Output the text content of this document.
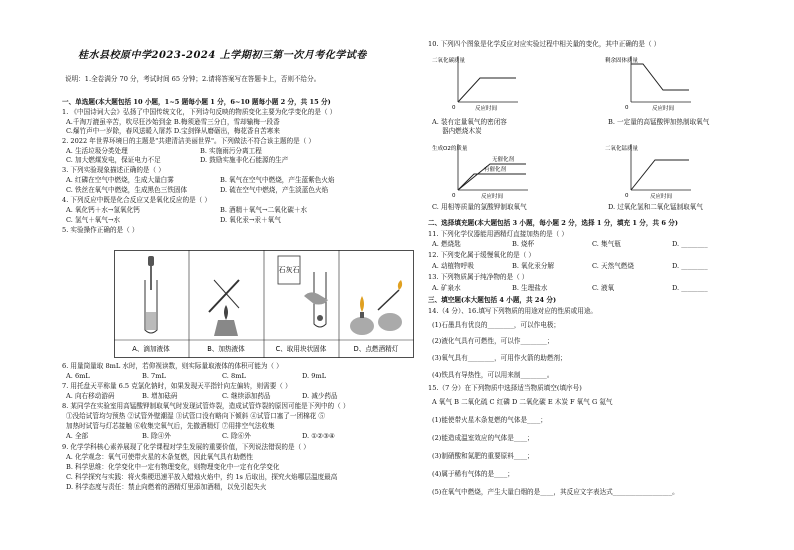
桂水县校原中学2023-2024 上学期初三第一次月考化学试卷
说明：1.全卷满分 70 分，考试时间 65 分钟；2.请将答案写在答题卡上，否则不给分。
一、单选题(本大题包括 10 小题，1~5 题每小题 1 分，6~10 题每小题 2 分，共 15 分)
1. 《中国诗词大会》弘扬了中国传统文化，下列诗句反映的物质变化主要为化学变化的是（ ）
A.千淘万漉虽辛苦，吹尽狂沙始到金 B.梅须逊雪三分白，雪却输梅一段香
C.爆竹声中一岁除，春风送暖入屠苏 D.宝剑锋从磨砺出，梅花香自苦寒来
2. 2022 年世界环境日的主题是"共建清洁美丽世界"。下列做法不符合该主题的是（ ）
A. 生活垃圾分类处理	B. 实施雨污分离工程
C. 加大燃煤发电，保证电力不足	D. 鼓励实施非化石能源的生产
3. 下列实验现象描述正确的是（ ）
A. 红磷在空气中燃烧，生成大量白雾	B. 氧气在空气中燃烧，产生蓝紫色火焰
C. 铁丝在氧气中燃烧，生成黑色三铁固体	D. 硫在空气中燃烧，产生淡蓝色火焰
4. 下列反应中既是化合反应又是氧化反应的是（ ）
A. 氧化钙＋水→氢氧化钙	B. 酒精＋氧气→二氧化碳＋水
C. 氢气＋氧气→水	D. 氧化汞→汞＋氧气
5. 实验操作正确的是（ ）
石灰石
A、滴加液体	B、加热液体	C、取用块状固体	D、点燃酒精灯
6. 用量筒量取 8mL 水时，若仰视读数，则实际量取液体的体积可能为（ ）
A. 6mL	B. 7mL	C. 8mL	D. 9mL
7. 用托盘天平称量 6.5 克氯化钠时，如果发现天平指针向左偏转，则需要（ ）
A. 向右移动游码	B. 增加砝码	C. 继续添加药品	D. 减少药品
8. 某同学在实验室用高锰酸钾制取氧气时发现试管炸裂，造成试管炸裂的原因可能是下列中的（ ）
①没给试管均匀预热 ②试管外壁潮湿 ③试管口没有略向下倾斜 ④试管口塞了一团棉花 ⑤
加热时试管与灯芯接触 ⑥收集完氧气后，先撤酒精灯 ⑦用排空气法收集
A. 全部	B. 除④外	C. 除⑥外	D. ①②③④
9. 化学学科核心素养展现了化学课程对学生发展的重要价值，下列说法错误的是（ ）
A. 化学观念：氧气可使带火星的木条复燃，因此氧气具有助燃性
B. 科学思维：化学变化中一定有物理变化，则物理变化中一定有化学变化
C. 科学探究与实践：将火柴梗迅速平放入蜡烛火焰中，约 1s 后取出，探究火焰哪层温度最高
D. 科学态度与责任：禁止向燃着的酒精灯里添加酒精，以免引起失火
10. 下列四个图象是化学反应对应实验过程中相关量的变化，其中正确的是（ ）
二氧化碳质量
0	反应时间
剩余固体质量
0	反应时间
A. 装有定量氧气的密闭容
器内燃烧木炭
B. 一定量的高锰酸钾加热制取氧气
生成O2的质量
无催化剂
有催化剂
0	反应时间
二氧化锰质量
0	反应时间
C. 用相等质量的氯酸钾制取氧气	D. 过氧化氢和二氧化锰制取氧气
二、选择填充题(本大题包括 3 小题，每小题 2 分，选择 1 分，填充 1 分，共 6 分)
11. 下列化学仪器能用酒精灯直接加热的是（ ）
A. 燃烧匙	B. 烧杯	C. 集气瓶	D. ________
12. 下列变化属于缓慢氧化的是（ ）
A. 动植物呼吸	B. 氧化汞分解	C. 天然气燃烧	D. ________
13. 下列物质属于纯净物的是（ ）
A. 矿泉水	B. 生理盐水	C. 液氧	D. ________
三、填空题(本大题包括 4 小题，共 24 分)
14.（4 分）、16.填写下列物质的用途对应的性质或用途。
(1)石墨具有优良的________，可以作电极；
(2)液化气具有可燃性，可以作________；
(3)氧气具有________，可用作火箭的助燃剂；
(4)铁具有导热性，可以用来制________。
15.（7 分）在下列物质中选择适当物质填空(填序号)
A 氧气 B 二氧化硫 C 红磷 D 二氧化碳 E 木炭 F 氧气 G 氦气
(1)能使带火星木条复燃的气体是____；
(2)能造成温室效应的气体是____；
(3)制硝酸和氮肥的重要原料____；
(4)属于稀有气体的是____；
(5)在氧气中燃烧，产生大量白烟的是____，其反应文字表达式__________________。
